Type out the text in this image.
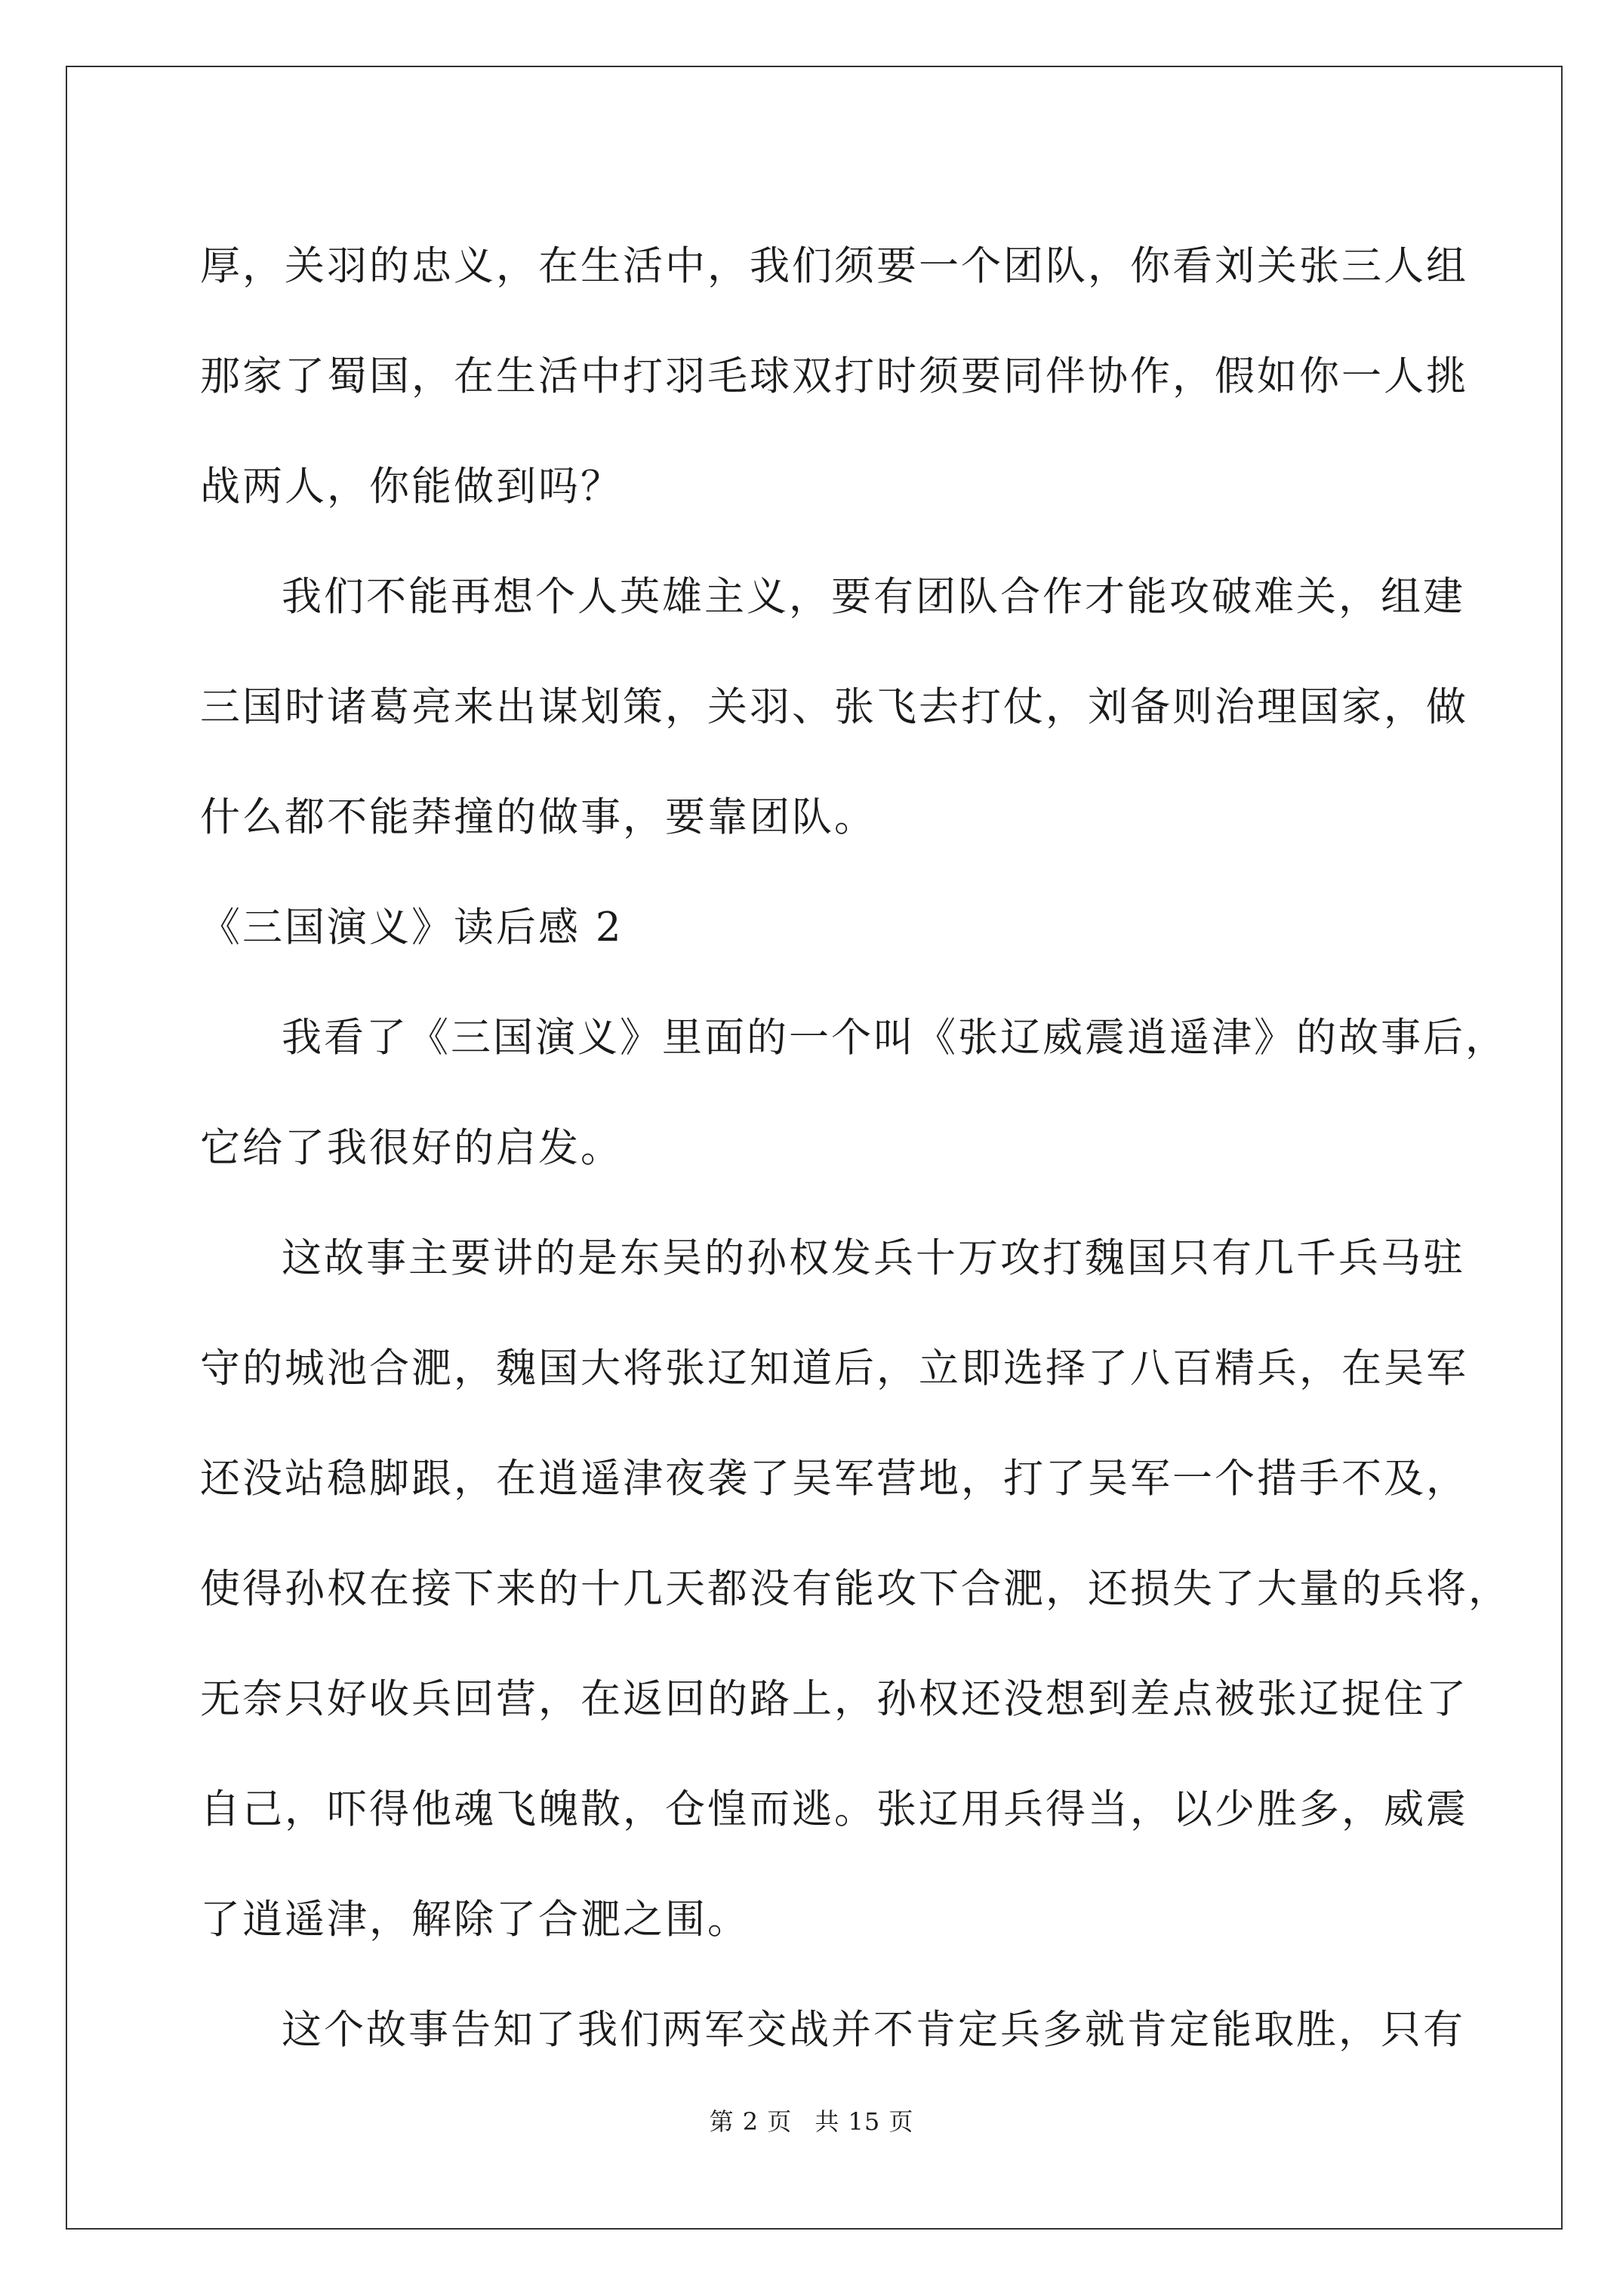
厚，关羽的忠义，在生活中，我们须要一个团队，你看刘关张三人组
那家了蜀国，在生活中打羽毛球双打时须要同伴协作，假如你一人挑
战两人，你能做到吗？
我们不能再想个人英雄主义，要有团队合作才能攻破难关，组建
三国时诸葛亮来出谋划策，关羽、张飞去打仗，刘备则治理国家，做
什么都不能莽撞的做事，要靠团队。
《三国演义》读后感 2
我看了《三国演义》里面的一个叫《张辽威震逍遥津》的故事后，
它给了我很好的启发。
这故事主要讲的是东吴的孙权发兵十万攻打魏国只有几千兵马驻
守的城池合淝，魏国大将张辽知道后，立即选择了八百精兵，在吴军
还没站稳脚跟，在逍遥津夜袭了吴军营地，打了吴军一个措手不及，
使得孙权在接下来的十几天都没有能攻下合淝，还损失了大量的兵将，
无奈只好收兵回营，在返回的路上，孙权还没想到差点被张辽捉住了
自己，吓得他魂飞魄散，仓惶而逃。张辽用兵得当，以少胜多，威震
了逍遥津，解除了合淝之围。
这个故事告知了我们两军交战并不肯定兵多就肯定能取胜，只有
第 2 页 共 15 页
